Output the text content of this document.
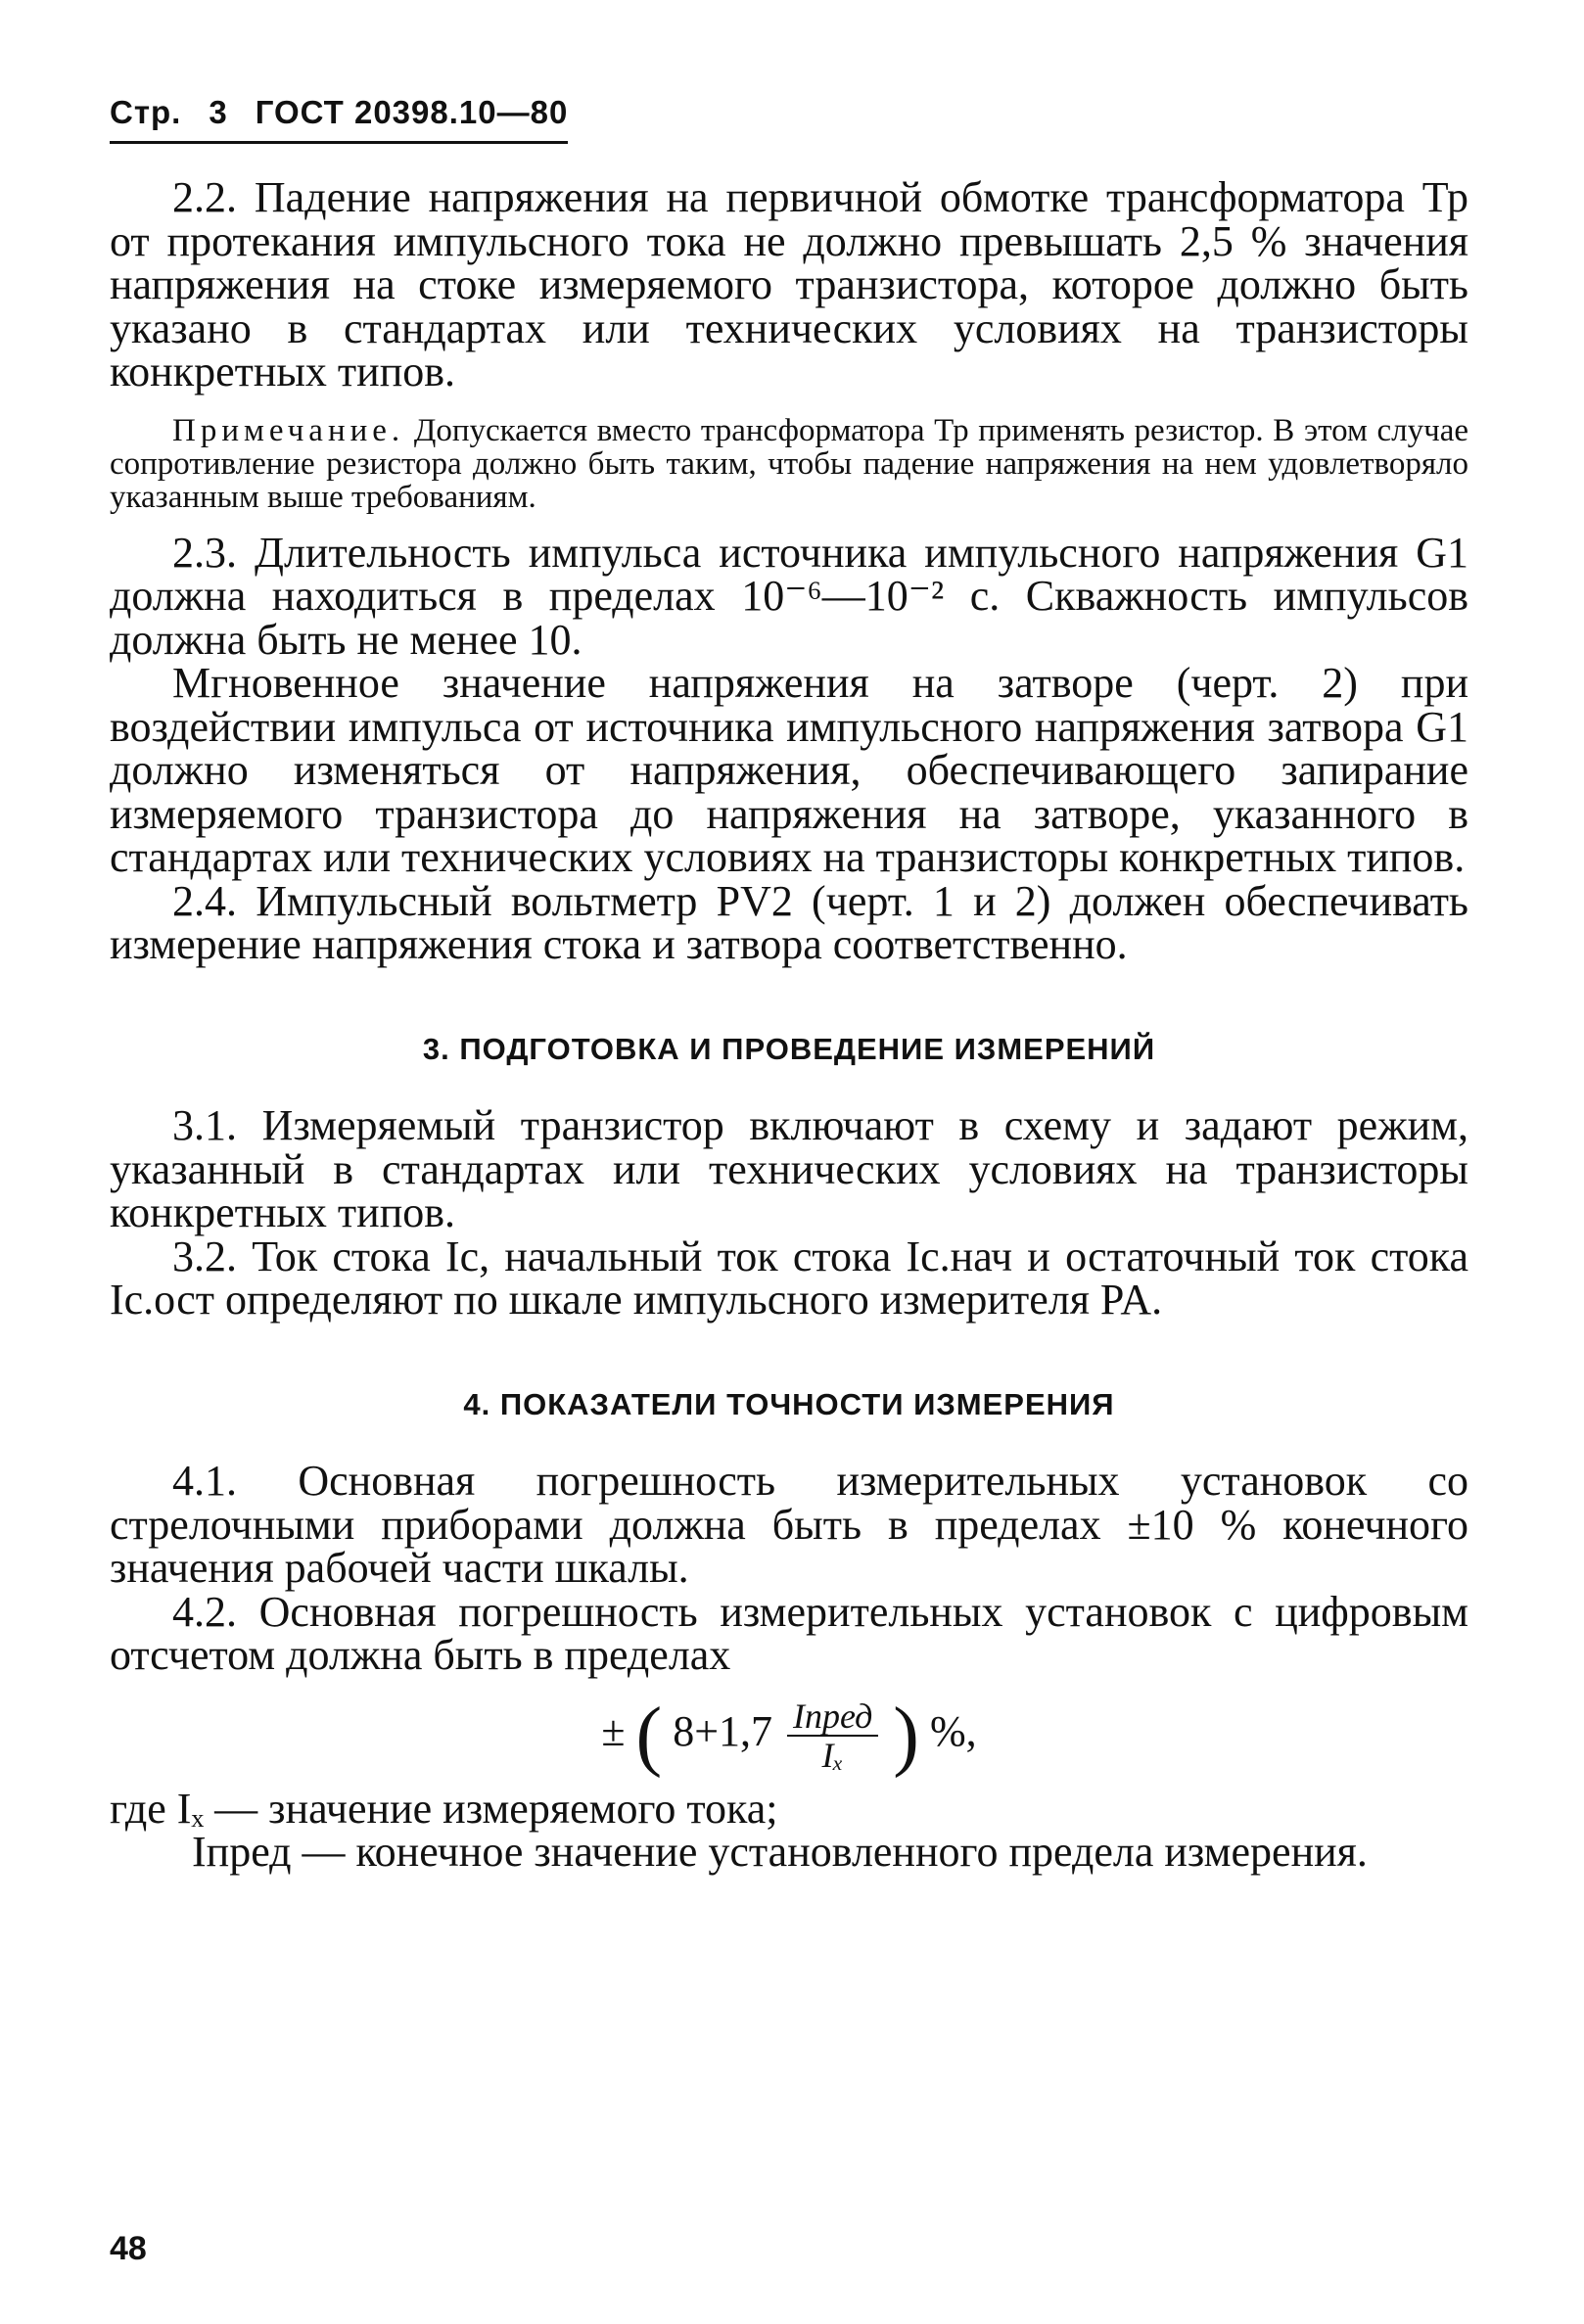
Стр. 3 ГОСТ 20398.10—80

2.2. Падение напряжения на первичной обмотке трансформатора Тр от протекания импульсного тока не должно превышать 2,5 % значения напряжения на стоке измеряемого транзистора, которое должно быть указано в стандартах или технических условиях на транзисторы конкретных типов.

Примечание. Допускается вместо трансформатора Тр применять резистор. В этом случае сопротивление резистора должно быть таким, чтобы падение напряжения на нем удовлетворяло указанным выше требованиям.

2.3. Длительность импульса источника импульсного напряжения G1 должна находиться в пределах 10⁻⁶—10⁻² с. Скважность импульсов должна быть не менее 10.

Мгновенное значение напряжения на затворе (черт. 2) при воздействии импульса от источника импульсного напряжения затвора G1 должно изменяться от напряжения, обеспечивающего запирание измеряемого транзистора до напряжения на затворе, указанного в стандартах или технических условиях на транзисторы конкретных типов.

2.4. Импульсный вольтметр PV2 (черт. 1 и 2) должен обеспечивать измерение напряжения стока и затвора соответственно.

3. ПОДГОТОВКА И ПРОВЕДЕНИЕ ИЗМЕРЕНИЙ

3.1. Измеряемый транзистор включают в схему и задают режим, указанный в стандартах или технических условиях на транзисторы конкретных типов.

3.2. Ток стока Iс, начальный ток стока Iс.нач и остаточный ток стока Iс.ост определяют по шкале импульсного измерителя PA.

4. ПОКАЗАТЕЛИ ТОЧНОСТИ ИЗМЕРЕНИЯ

4.1. Основная погрешность измерительных установок со стрелочными приборами должна быть в пределах ±10 % конечного значения рабочей части шкалы.

4.2. Основная погрешность измерительных установок с цифровым отсчетом должна быть в пределах

± ( $8+1,7 \frac{\text{Iпред}}{\text{Iₓ}}$ ) %,

где Iₓ — значение измеряемого тока;

Iпред — конечное значение установленного предела измерения.

48
